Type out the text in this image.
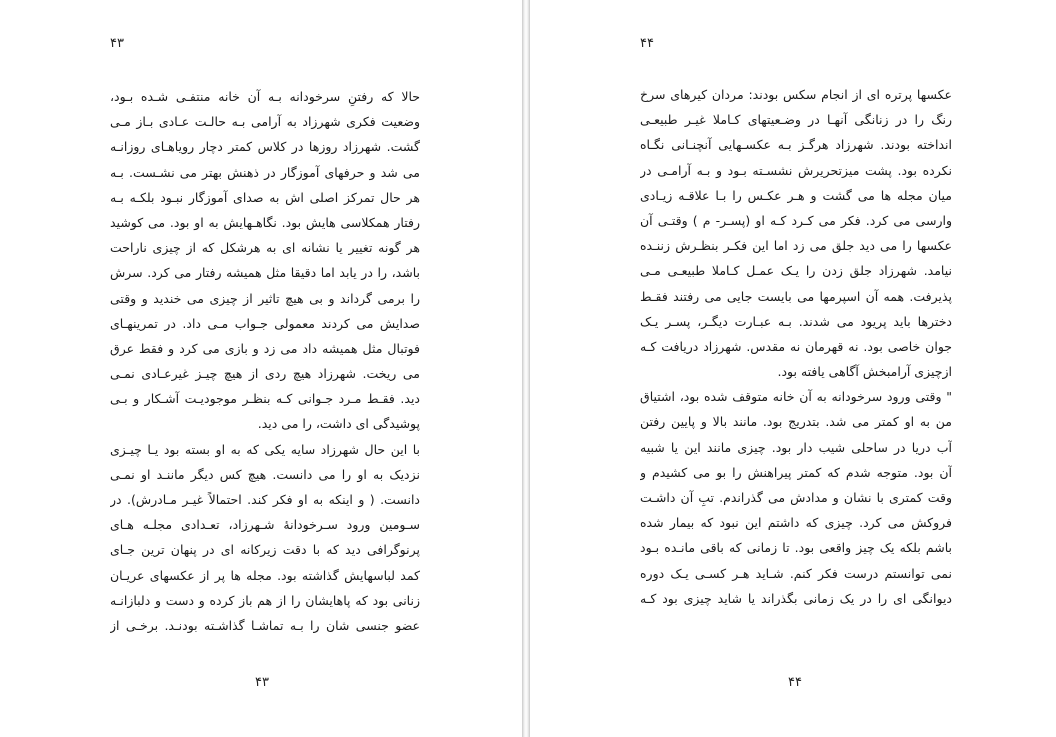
۴۳
حالا که رفتنِ سرخودانه بـه آن خانه منتفـی شـده بـود،
وضعیت فکری شهرزاد به آرامی بـه حالـت عـادی بـاز مـی
گشت. شهرزاد روزها در کلاس کمتر دچار رویاهـای روزانـه
می شد و حرفهای آموزگار در ذهنش بهتر می نشـست. بـه
هر حال تمرکز اصلی اش به صدای آموزگار نبـود بلکـه بـه
رفتار همکلاسی هایش بود. نگاهـهایش به او بود. می کوشید
هر گونه تغییر یا نشانه ای به هرشکل که از چیزی ناراحت
باشد، را در یابد اما دقیقا مثل همیشه رفتار می کرد. سرش
را برمی گرداند و بی هیچ تاثیر از چیزی می خندید و وقتی
صدایش می کردند معمولی جـواب مـی داد. در تمرینهـای
فوتبال مثل همیشه داد می زد و بازی می کرد و فقط عرق
می ریخت. شهرزاد هیچ ردی از هیچ چیـز غیرعـادی نمـی
دید. فقـط مـرد جـوانی کـه بنظـر موجودیـت آشـکار و بـی
پوشیدگی ای داشت، را می دید.
با این حال شهرزاد سایه یکی که به او بسته بود یـا چیـزی
نزدیک به او را می دانست. هیچ کس دیگر ماننـد او نمـی
دانست. ( و اینکه به او فکر کند. احتمالاً غیـر مـادرش). در
سـومین ورود سـرخودانهٔ شـهرزاد، تعـدادی مجلـه هـای
پرنوگرافی دید که با دقت زیرکانه ای در پنهان ترین جـای
کمد لباسهایش گذاشته بود. مجله ها پر از عکسهای عریـان
زنانی بود که پاهایشان را از هم باز کرده و دست و دلبازانـه
عضو جنسی شان را بـه تماشـا گذاشـته بودنـد. برخـی از
۴۳
۴۴
عکسها پرتره ای از انجام سکس بودند: مردان کیرهای سرخ
رنگ را در زنانگی آنهـا در وضـعیتهای کـاملا غیـر طبیعـی
انداخته بودند. شهرزاد هرگـز بـه عکسـهایی آنچنـانی نگـاه
نکرده بود. پشت میزتحریرش نشسـته بـود و بـه آرامـی در
میان مجله ها می گشت و هـر عکـس را بـا علاقـه زیـادی
وارسی می کرد. فکر می کـرد کـه او (پسـر- م ) وقتـی آن
عکسها را می دید جلق می زد اما این فکـر بنظـرش زننـده
نیامد. شهرزاد جلق زدن را یـک عمـل کـاملا طبیعـی مـی
پذیرفت. همه آن اسپرمها می بایست جایی می رفتند فقـط
دخترها باید پریود می شدند. بـه عبـارت دیگـر، پسـر یـک
جوان خاصی بود. نه قهرمان نه مقدس. شهرزاد دریافت کـه
ازچیزی آرامبخش آگاهی یافته بود.
" وقتی ورود سرخودانه به آن خانه متوقف شده بود، اشتیاق
من به او کمتر می شد. بتدریج بود. مانند بالا و پایین رفتن
آب دریا در ساحلی شیب دار بود. چیزی مانند این یا شبیه
آن بود. متوجه شدم که کمتر پیراهنش را بو می کشیدم و
وقت کمتری با نشان و مدادش می گذراندم. تبِ آن داشـت
فروکش می کرد. چیزی که داشتم این نبود که بیمار شده
باشم بلکه یک چیز واقعی بود. تا زمانی که باقی مانـده بـود
نمی توانستم درست فکر کنم. شـاید هـر کسـی یـک دوره
دیوانگی ای را در یک زمانی بگذراند یا شاید چیزی بود کـه
۴۴
